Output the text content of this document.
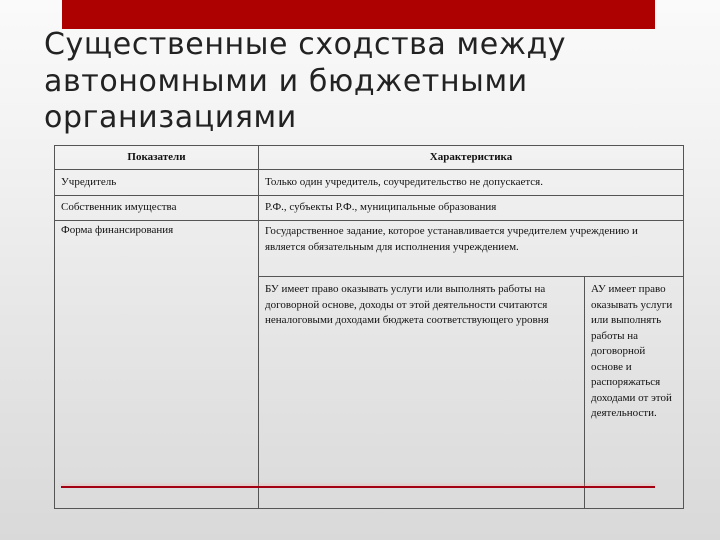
Существенные сходства между автономными и бюджетными организациями
Показатели	Характеристика	
Учредитель	Только один учредитель, соучредительство не допускается.	
Собственник имущества	Р.Ф., субъекты Р.Ф., муниципальные образования	
Форма финансирования	Государственное задание, которое устанавливается учредителем учреждению и является обязательным для исполнения учреждением.	
	БУ имеет право оказывать услуги или выполнять работы на договорной основе, доходы от этой деятельности считаются неналоговыми доходами бюджета соответствующего уровня	АУ имеет право оказывать услуги или выполнять работы на договорной основе и распоряжаться доходами от этой деятельности.
